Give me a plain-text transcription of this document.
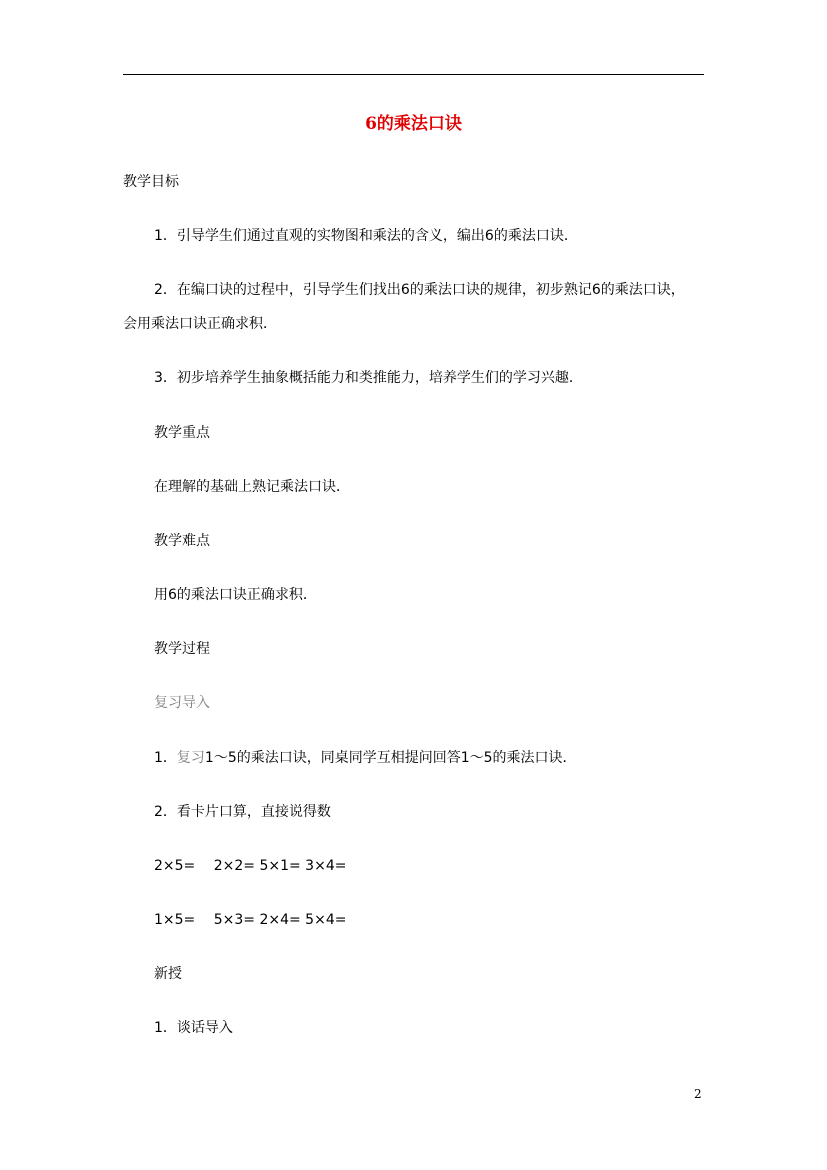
6的乘法口诀
教学目标
1．引导学生们通过直观的实物图和乘法的含义，编出6的乘法口诀．
2．在编口诀的过程中，引导学生们找出6的乘法口诀的规律，初步熟记6的乘法口诀，
会用乘法口诀正确求积．
3．初步培养学生抽象概括能力和类推能力，培养学生们的学习兴趣．
教学重点
在理解的基础上熟记乘法口诀．
教学难点
用6的乘法口诀正确求积．
教学过程
复习导入
1．复习1～5的乘法口诀，同桌同学互相提问回答1～5的乘法口诀．
2．看卡片口算，直接说得数
2×5=　 2×2= 5×1= 3×4=
1×5=　 5×3= 2×4= 5×4=
新授
1．谈话导入
2
